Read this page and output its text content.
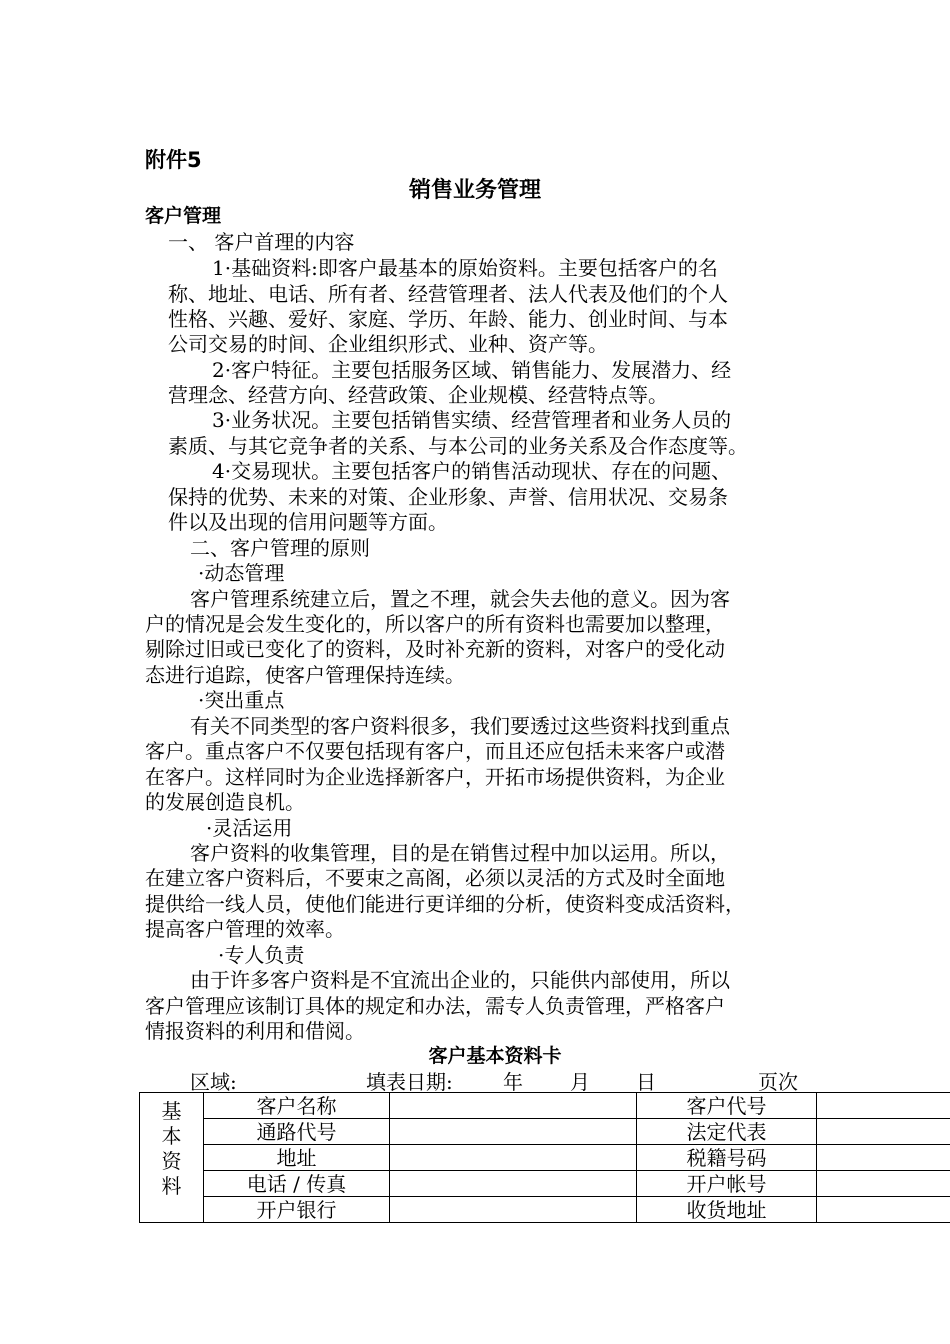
附件5
销售业务管理
客户管理
一、 客户首理的内容
1·基础资料:即客户最基本的原始资料。主要包括客户的名
称、地址、电话、所有者、经营管理者、法人代表及他们的个人
性格、兴趣、爱好、家庭、学历、年龄、能力、创业时间、与本
公司交易的时间、企业组织形式、业种、资产等。
2·客户特征。主要包括服务区域、销售能力、发展潜力、经
营理念、经营方向、经营政策、企业规模、经营特点等。
3·业务状况。主要包括销售实绩、经营管理者和业务人员的
素质、与其它竞争者的关系、与本公司的业务关系及合作态度等。
4·交易现状。主要包括客户的销售活动现状、存在的问题、
保持的优势、未来的对策、企业形象、声誉、信用状况、交易条
件以及出现的信用问题等方面。
二、客户管理的原则
·动态管理
客户管理系统建立后，置之不理，就会失去他的意义。因为客
户的情况是会发生变化的，所以客户的所有资料也需要加以整理，
剔除过旧或已变化了的资料，及时补充新的资料，对客户的受化动
态进行追踪，使客户管理保持连续。
·突出重点
有关不同类型的客户资料很多，我们要透过这些资料找到重点
客户。重点客户不仅要包括现有客户，而且还应包括未来客户或潜
在客户。这样同时为企业选择新客户，开拓市场提供资料，为企业
的发展创造良机。
·灵活运用
客户资料的收集管理，目的是在销售过程中加以运用。所以，
在建立客户资料后，不要束之高阁，必须以灵活的方式及时全面地
提供给一线人员，使他们能进行更详细的分析，使资料变成活资料，
提高客户管理的效率。
·专人负责
由于许多客户资料是不宜流出企业的，只能供内部使用，所以
客户管理应该制订具体的规定和办法，需专人负责管理，严格客户
情报资料的利用和借阅。
客户基本资料卡
区域:	填表日期:	年 月 日	页次
基
本
资
料	客户名称		客户代号	
	通路代号		法定代表	
	地址		税籍号码	
	电话 / 传真		开户帐号	
	开户银行		收货地址	
